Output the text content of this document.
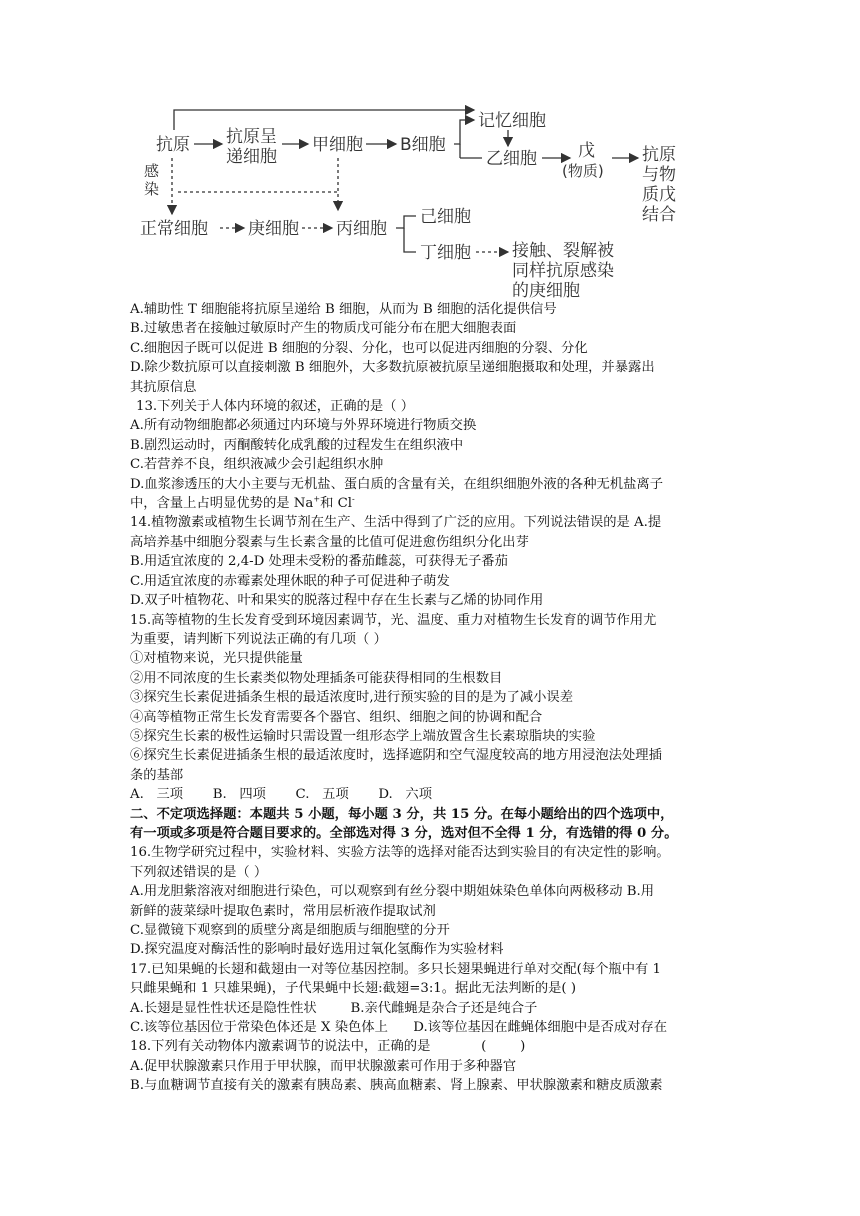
抗原
感
染
抗原呈
递细胞
甲细胞 B细胞
记忆细胞
乙细胞 戊
(物质)
抗原
与物
质戊
结合
正常细胞 庚细胞 丙细胞
己细胞
丁细胞 接触、裂解被
同样抗原感染
的庚细胞
A.辅助性 T 细胞能将抗原呈递给 B 细胞，从而为 B 细胞的活化提供信号
B.过敏患者在接触过敏原时产生的物质戊可能分布在肥大细胞表面
C.细胞因子既可以促进 B 细胞的分裂、分化，也可以促进丙细胞的分裂、分化
D.除少数抗原可以直接刺激 B 细胞外，大多数抗原被抗原呈递细胞摄取和处理，并暴露出
其抗原信息
13.下列关于人体内环境的叙述，正确的是（ ）
A.所有动物细胞都必须通过内环境与外界环境进行物质交换
B.剧烈运动时，丙酮酸转化成乳酸的过程发生在组织液中
C.若营养不良，组织液减少会引起组织水肿
D.血浆渗透压的大小主要与无机盐、蛋白质的含量有关，在组织细胞外液的各种无机盐离子
中，含量上占明显优势的是 Na+和 Cl-
14.植物激素或植物生长调节剂在生产、生活中得到了广泛的应用。下列说法错误的是 A.提
高培养基中细胞分裂素与生长素含量的比值可促进愈伤组织分化出芽
B.用适宜浓度的 2,4-D 处理未受粉的番茄雌蕊，可获得无子番茄
C.用适宜浓度的赤霉素处理休眠的种子可促进种子萌发
D.双子叶植物花、叶和果实的脱落过程中存在生长素与乙烯的协同作用
15.高等植物的生长发育受到环境因素调节，光、温度、重力对植物生长发育的调节作用尤
为重要，请判断下列说法正确的有几项（ ）
①对植物来说，光只提供能量
②用不同浓度的生长素类似物处理插条可能获得相同的生根数目
③探究生长素促进插条生根的最适浓度时,进行预实验的目的是为了减小误差
④高等植物正常生长发育需要各个器官、组织、细胞之间的协调和配合
⑤探究生长素的极性运输时只需设置一组形态学上端放置含生长素琼脂块的实验
⑥探究生长素促进插条生根的最适浓度时，选择遮阴和空气湿度较高的地方用浸泡法处理插
条的基部
A.   三项       B.   四项       C.   五项       D.   六项
二、不定项选择题：本题共 5 小题，每小题 3 分，共 15 分。在每小题给出的四个选项中，
有一项或多项是符合题目要求的。全部选对得 3 分，选对但不全得 1 分，有选错的得 0 分。
16.生物学研究过程中，实验材料、实验方法等的选择对能否达到实验目的有决定性的影响。
下列叙述错误的是（ ）
A.用龙胆紫溶液对细胞进行染色，可以观察到有丝分裂中期姐妹染色单体向两极移动 B.用
新鲜的菠菜绿叶提取色素时，常用层析液作提取试剂
C.显微镜下观察到的质壁分离是细胞质与细胞壁的分开
D.探究温度对酶活性的影响时最好选用过氧化氢酶作为实验材料
17.已知果蝇的长翅和截翅由一对等位基因控制。多只长翅果蝇进行单对交配(每个瓶中有 1
只雌果蝇和 1 只雄果蝇)，子代果蝇中长翅:截翅=3:1。据此无法判断的是( )
A.长翅是显性性状还是隐性性状        B.亲代雌蝇是杂合子还是纯合子
C.该等位基因位于常染色体还是 X 染色体上      D.该等位基因在雌蝇体细胞中是否成对存在
18.下列有关动物体内激素调节的说法中，正确的是            (        )
A.促甲状腺激素只作用于甲状腺，而甲状腺激素可作用于多种器官
B.与血糖调节直接有关的激素有胰岛素、胰高血糖素、肾上腺素、甲状腺激素和糖皮质激素
